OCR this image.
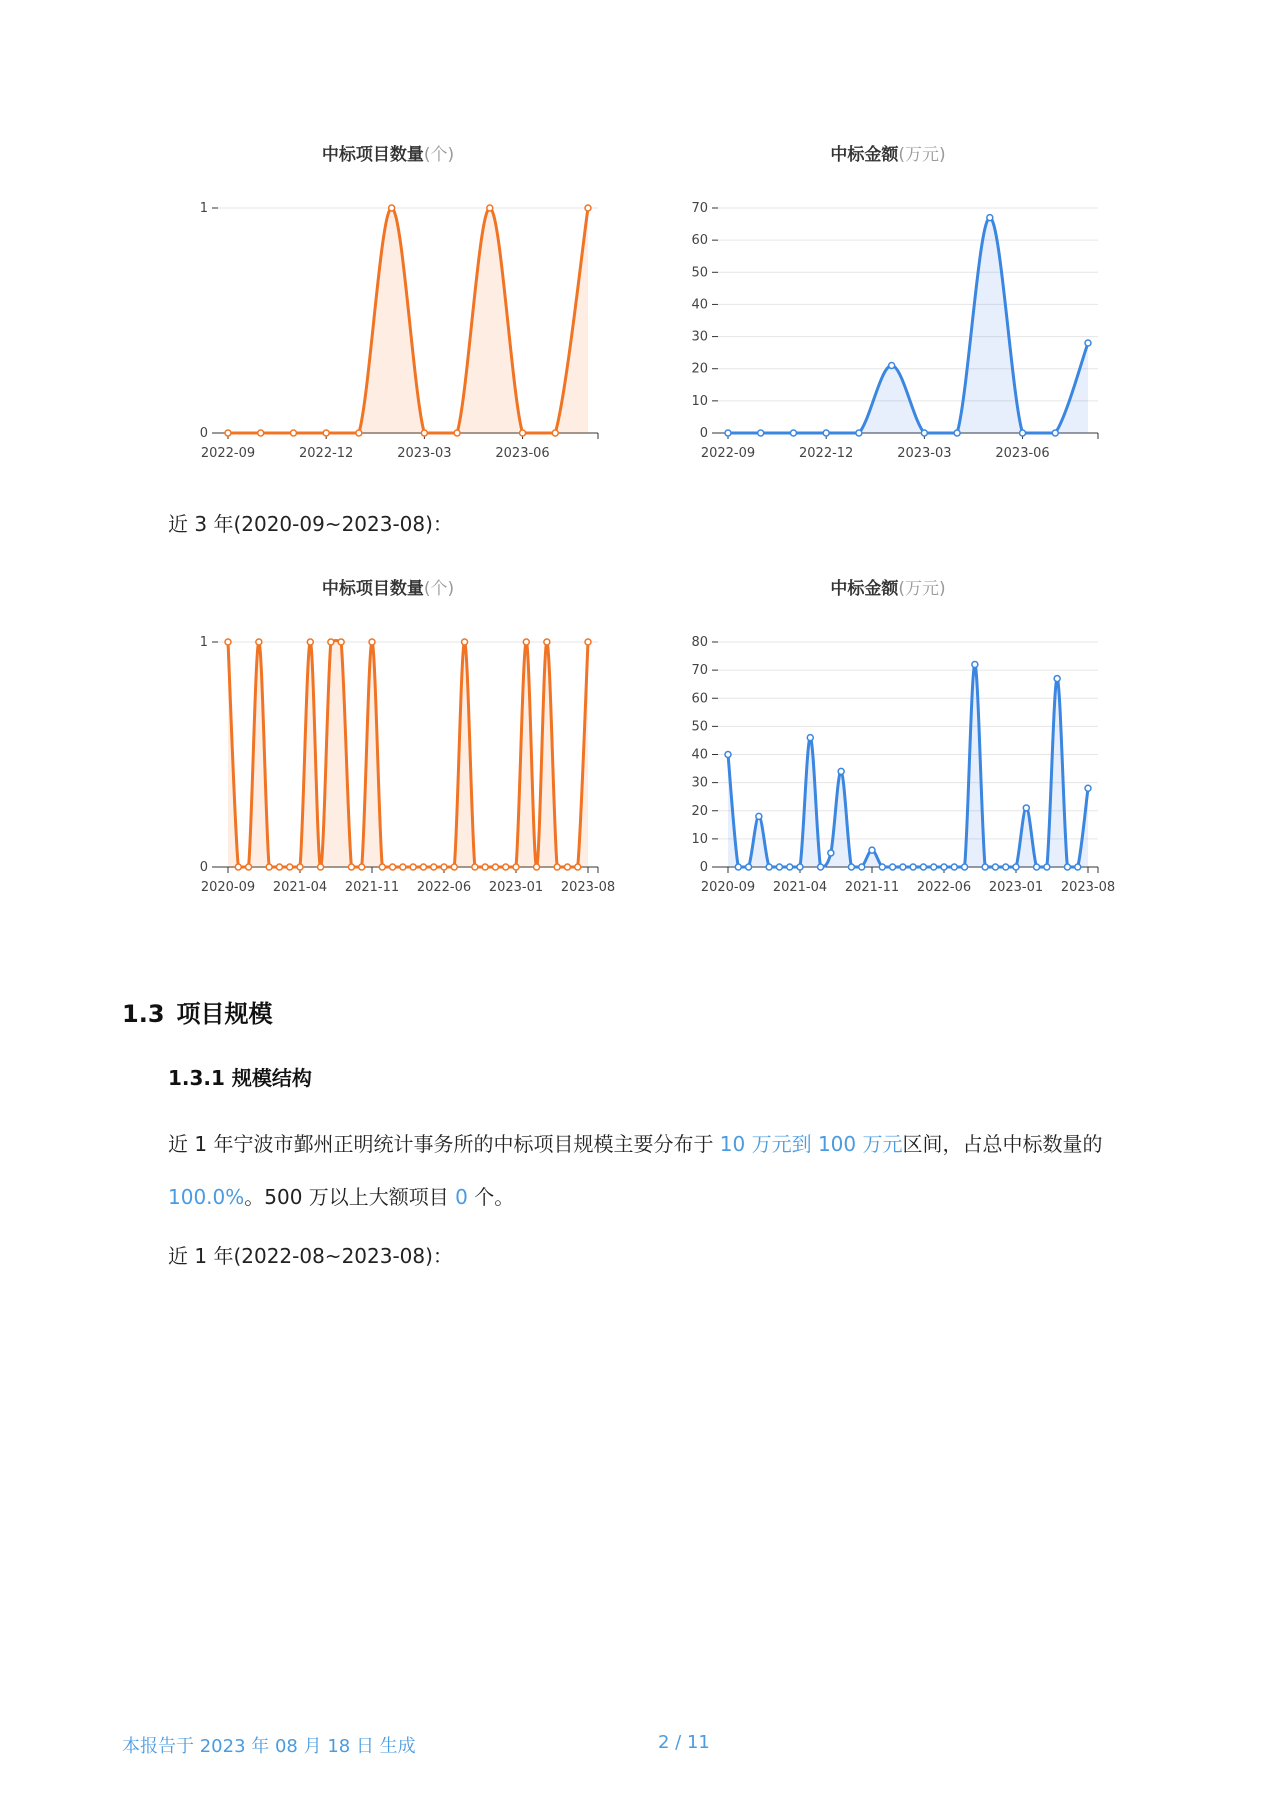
中标项目数量(个)
0
1
2022-09	2022-12	2023-03	2023-06
中标金额(万元)
0
10
20
30
40
50
60
70
2022-09	2022-12	2023-03	2023-06
近 3 年(2020-09~2023-08)：
中标项目数量(个)
0
1
2020-09 2021-04 2021-11 2022-06 2023-01 2023-08
中标金额(万元)
0
10
20
30
40
50
60
70
80
2020-09 2021-04 2021-11 2022-06 2023-01 2023-08
1.3 项目规模
1.3.1 规模结构
近 1 年宁波市鄞州正明统计事务所的中标项目规模主要分布于 10 万元到 100 万元区间，占总中标数量的 100.0%。500 万以上大额项目 0 个。
近 1 年(2022-08~2023-08)：
本报告于 2023 年 08 月 18 日 生成	2 / 11
